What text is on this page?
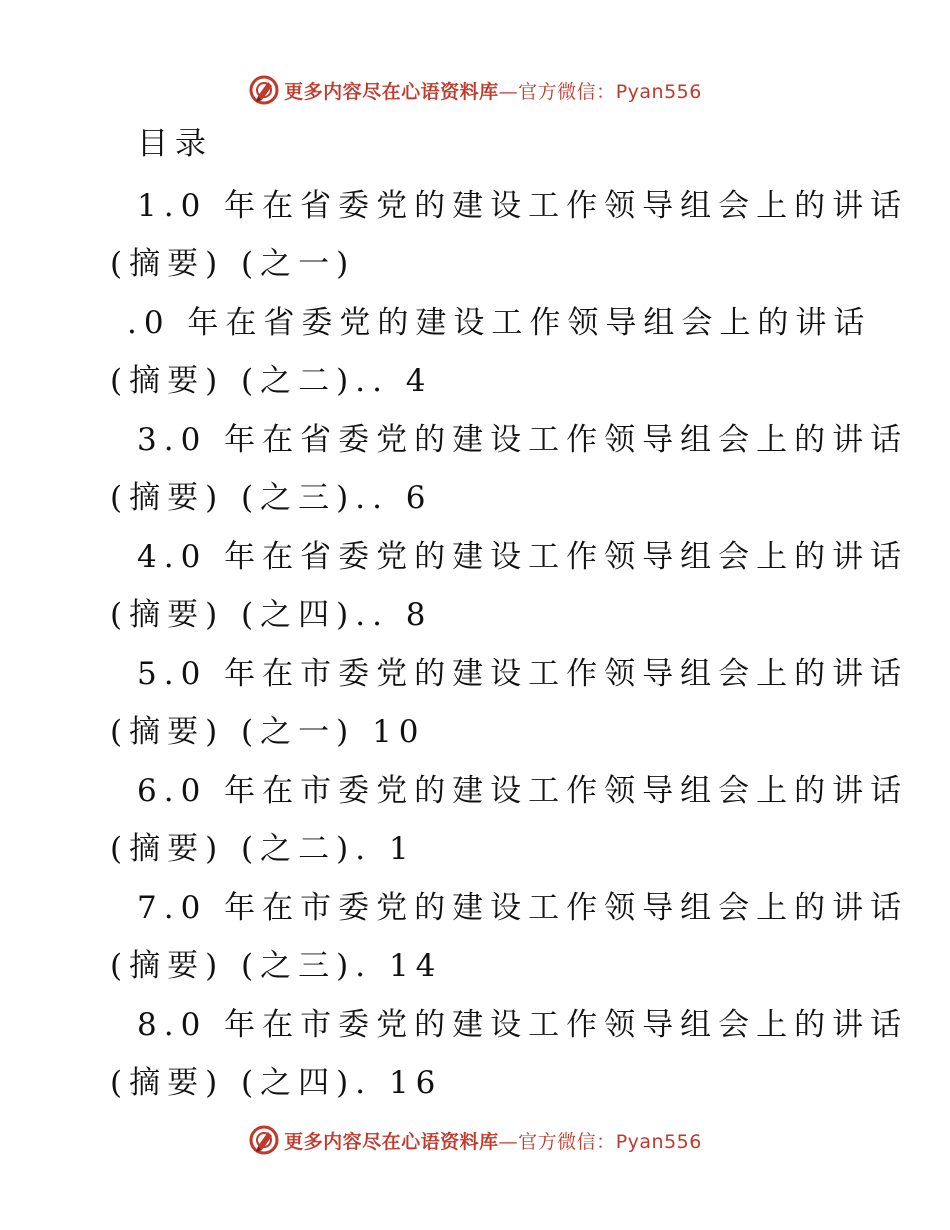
更多内容尽在心语资料库—官方微信：Pyan556
目录
1.0 年在省委党的建设工作领导组会上的讲话
(摘要) (之一)
.0 年在省委党的建设工作领导组会上的讲话
(摘要) (之二).. 4
3.0 年在省委党的建设工作领导组会上的讲话
(摘要) (之三).. 6
4.0 年在省委党的建设工作领导组会上的讲话
(摘要) (之四).. 8
5.0 年在市委党的建设工作领导组会上的讲话
(摘要) (之一) 10
6.0 年在市委党的建设工作领导组会上的讲话
(摘要) (之二). 1
7.0 年在市委党的建设工作领导组会上的讲话
(摘要) (之三). 14
8.0 年在市委党的建设工作领导组会上的讲话
(摘要) (之四). 16
更多内容尽在心语资料库—官方微信：Pyan556
